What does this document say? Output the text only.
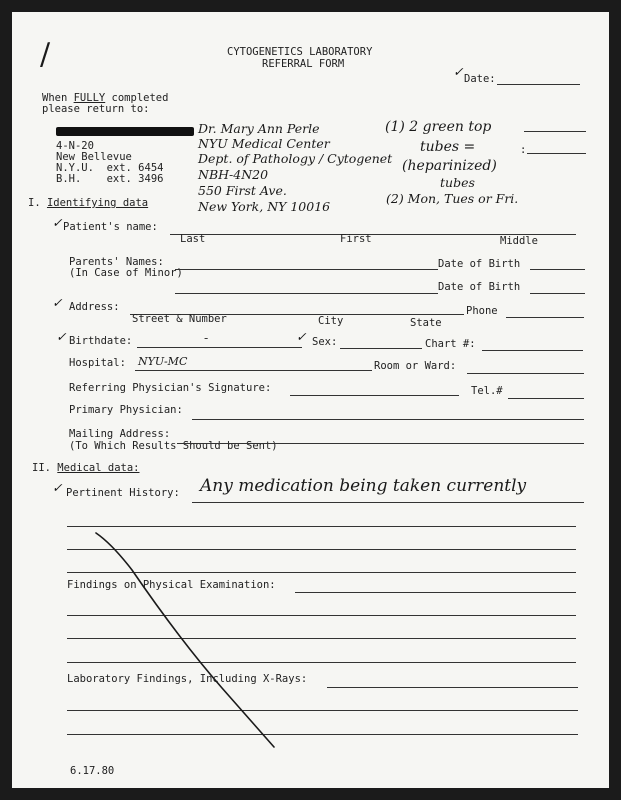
/	CYTOGENETICS LABORATORY
REFERRAL FORM	✓ Date:
When FULLY completed
please return to:
4-N-20
New Bellevue
N.Y.U.  ext. 6454
B.H.    ext. 3496
Dr. Mary Ann Perle
NYU Medical Center
Dept. of Pathology / Cytogenet
NBH-4N20
550 First Ave.
New York, NY 10016
(1) 2 green top
tubes =	:
(heparinized)
tubes
(2) Mon, Tues or Fri.
I. Identifying data
✓ Patient's name:
Last	First	Middle
Parents' Names:
(In Case of Minor)
Date of Birth
Date of Birth
✓ Address:	Phone
Street & Number	City	State
✓ Birthdate:	-	✓ Sex:	Chart #:
Hospital: NYU-MC	Room or Ward:
Referring Physician's Signature:	Tel.#
Primary Physician:
Mailing Address:
(To Which Results Should be Sent)
II. Medical data:
✓ Pertinent History: Any medication being taken currently
Findings on Physical Examination:
Laboratory Findings, Including X-Rays:
6.17.80
